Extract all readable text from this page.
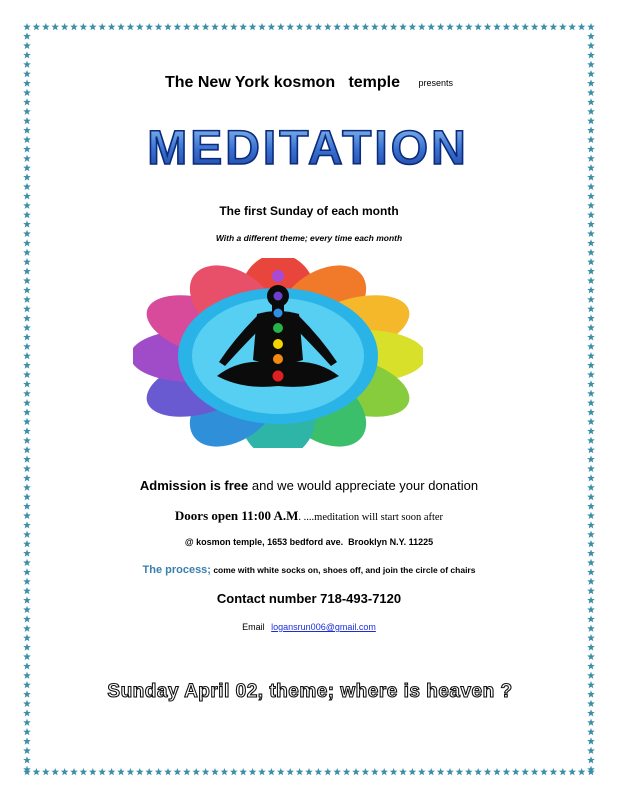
The New York kosmon   temple presents
MEDITATION
The first Sunday of each month
With a different theme; every time each month
Admission is free and we would appreciate your donation
Doors open 11:00 A.M. ....meditation will start soon after
@ kosmon temple, 1653 bedford ave.  Brooklyn N.Y. 11225
The process; come with white socks on, shoes off, and join the circle of chairs
Contact number 718-493-7120
Email logansrun006@gmail.com
Sunday April 02, theme; where is heaven ?
